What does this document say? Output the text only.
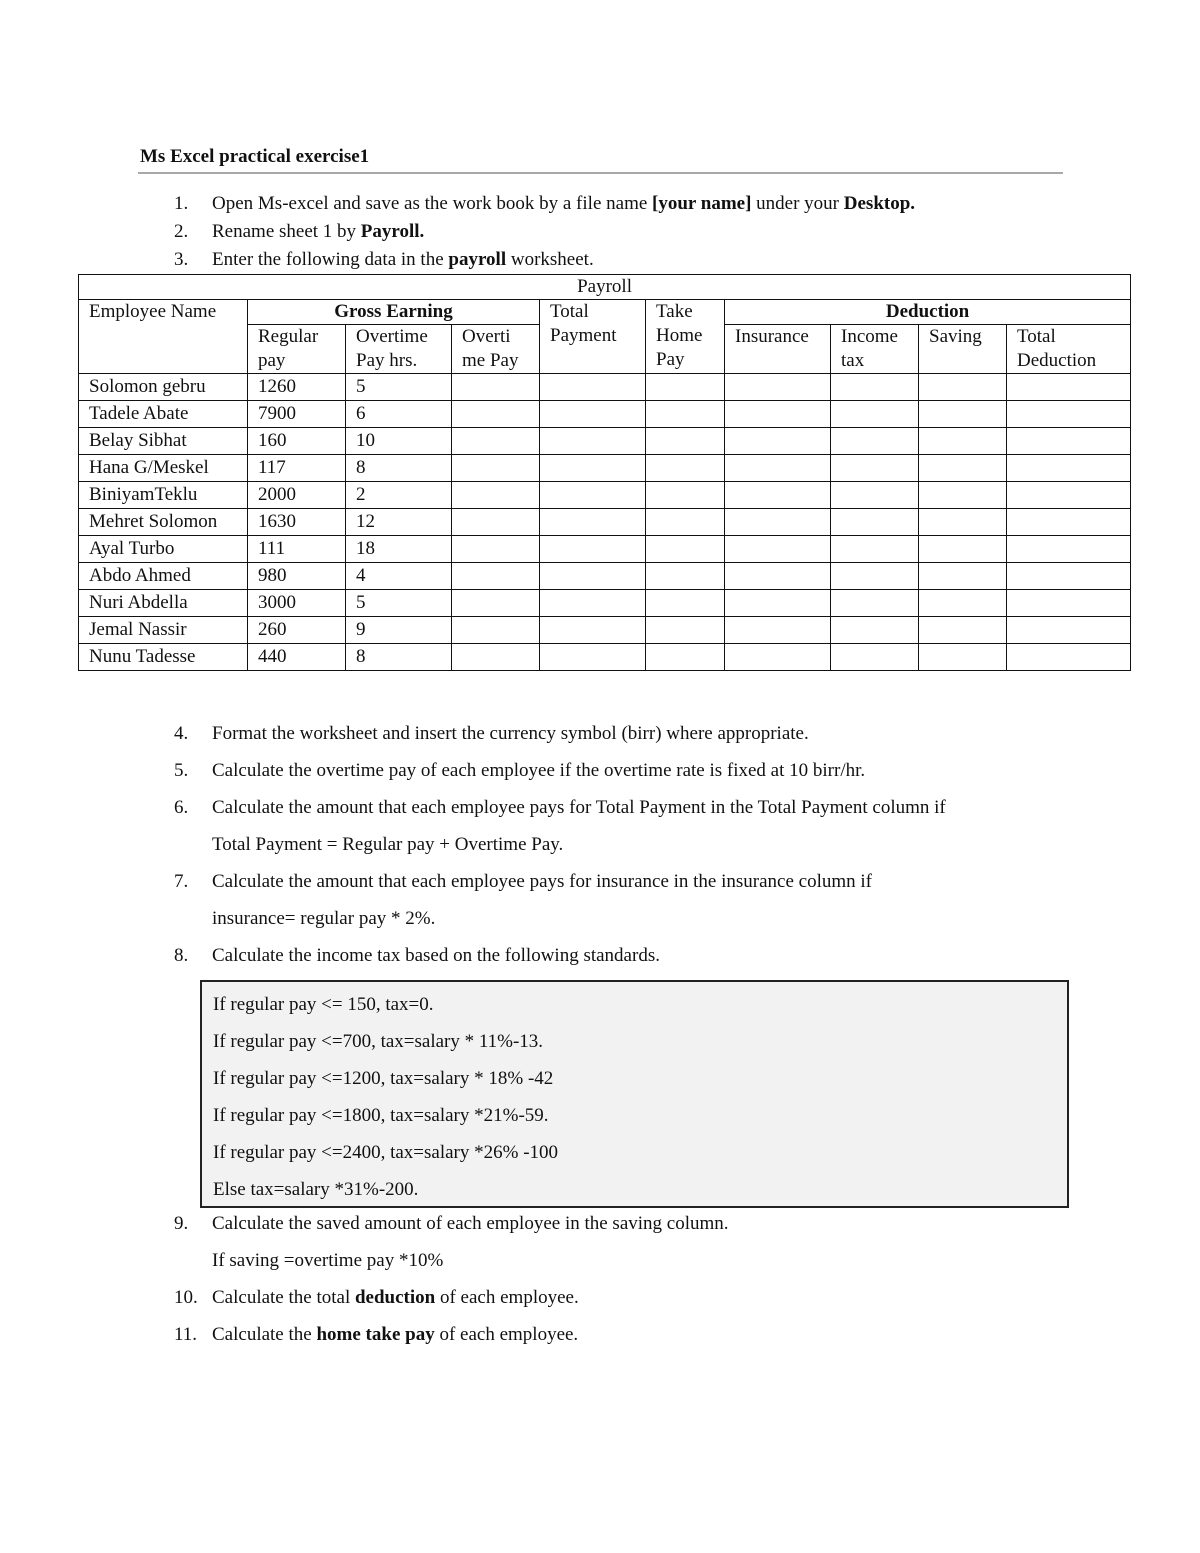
Ms Excel practical exercise1
1. Open Ms-excel and save as the work book by a file name [your name] under your Desktop.
2. Rename sheet 1 by Payroll.
3. Enter the following data in the payroll worksheet.
Payroll									
Employee Name	Gross Earning			Total Payment	Take Home Pay	Deduction			
	Regular pay	Overtime Pay hrs.	Overti me Pay			Insurance	Income tax	Saving	Total Deduction
Solomon gebru	1260	5							
Tadele Abate	7900	6							
Belay Sibhat	160	10							
Hana G/Meskel	117	8							
BiniyamTeklu	2000	2							
Mehret Solomon	1630	12							
Ayal Turbo	111	18							
Abdo Ahmed	980	4							
Nuri Abdella	3000	5							
Jemal Nassir	260	9							
Nunu Tadesse	440	8							
4. Format the worksheet and insert the currency symbol (birr) where appropriate.
5. Calculate the overtime pay of each employee if the overtime rate is fixed at 10 birr/hr.
6. Calculate the amount that each employee pays for Total Payment in the Total Payment column if
Total Payment = Regular pay + Overtime Pay.
7. Calculate the amount that each employee pays for insurance in the insurance column if
insurance= regular pay * 2%.
8. Calculate the income tax based on the following standards.
If regular pay <= 150, tax=0.
If regular pay <=700, tax=salary * 11%-13.
If regular pay <=1200, tax=salary * 18% -42
If regular pay <=1800, tax=salary *21%-59.
If regular pay <=2400, tax=salary *26% -100
Else tax=salary *31%-200.
9. Calculate the saved amount of each employee in the saving column.
If saving =overtime pay *10%
10. Calculate the total deduction of each employee.
11. Calculate the home take pay of each employee.
